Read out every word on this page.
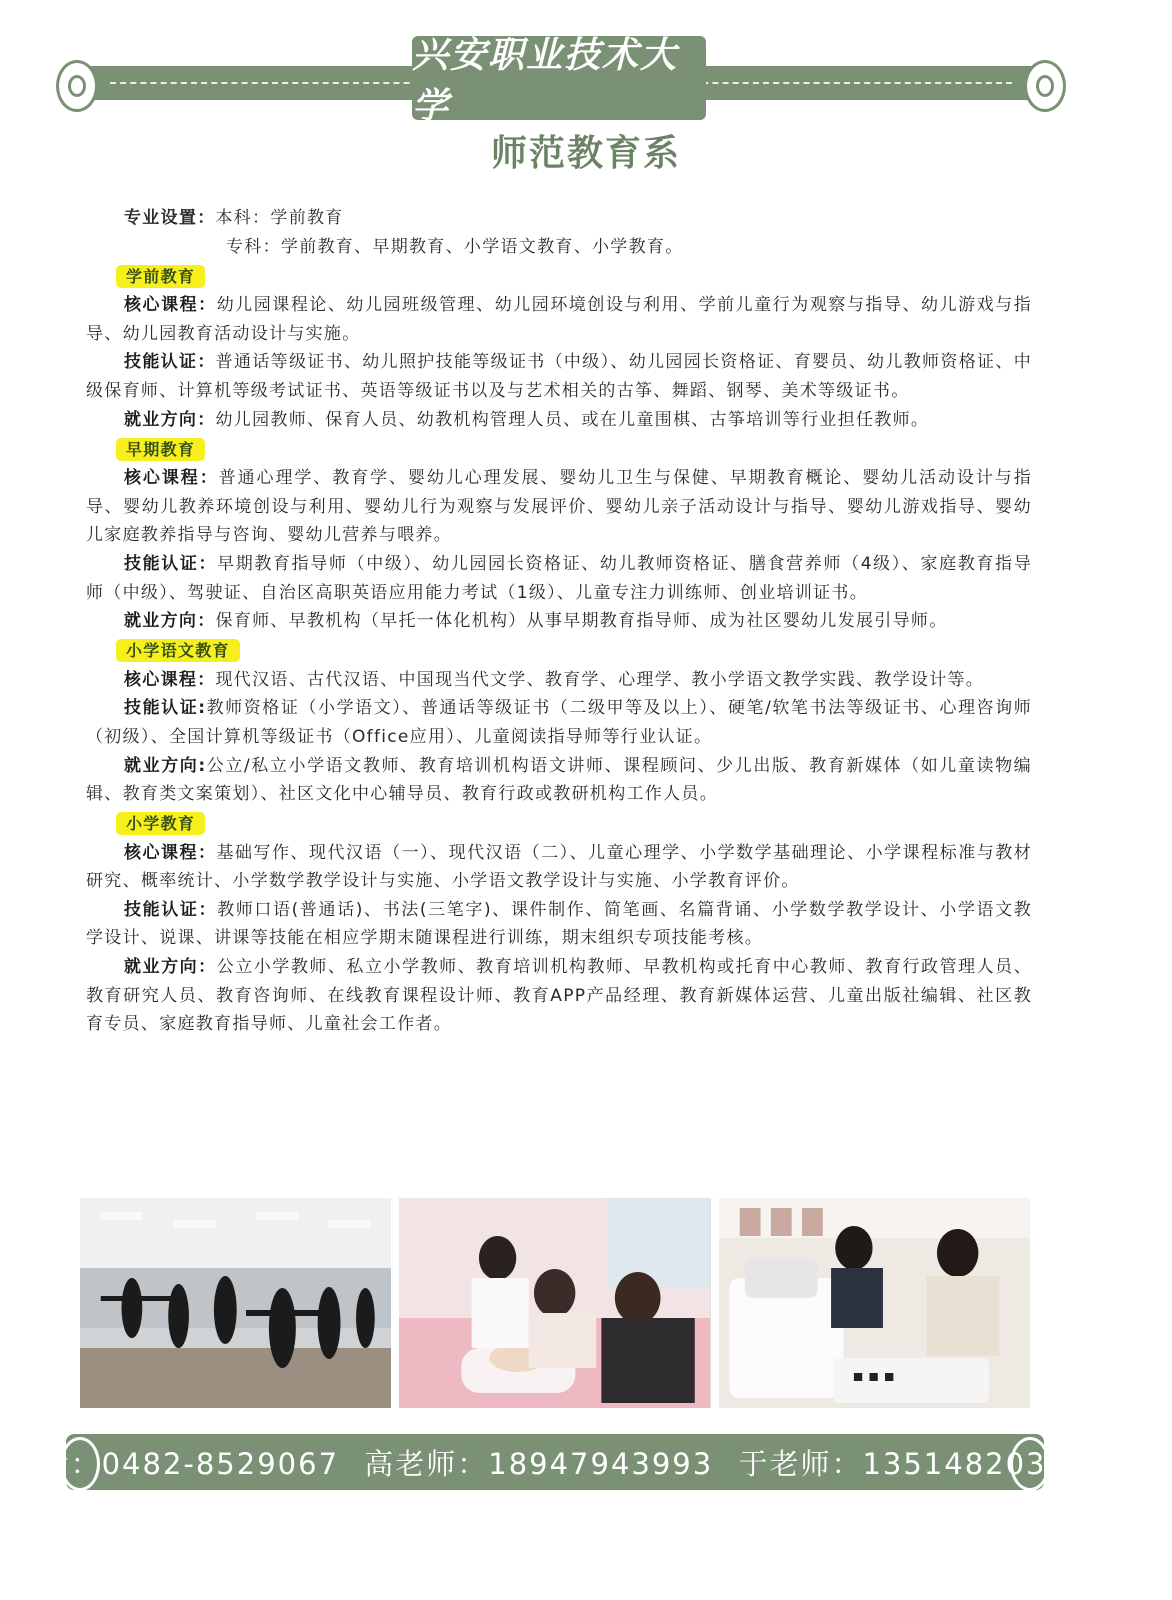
兴安职业技术大学
师范教育系

专业设置：本科：学前教育

专科：学前教育、早期教育、小学语文教育、小学教育。

学前教育

核心课程：幼儿园课程论、幼儿园班级管理、幼儿园环境创设与利用、学前儿童行为观察与指导、幼儿游戏与指导、幼儿园教育活动设计与实施。

技能认证：普通话等级证书、幼儿照护技能等级证书（中级）、幼儿园园长资格证、育婴员、幼儿教师资格证、中级保育师、计算机等级考试证书、英语等级证书以及与艺术相关的古筝、舞蹈、钢琴、美术等级证书。

就业方向：幼儿园教师、保育人员、幼教机构管理人员、或在儿童围棋、古筝培训等行业担任教师。

早期教育

核心课程：普通心理学、教育学、婴幼儿心理发展、婴幼儿卫生与保健、早期教育概论、婴幼儿活动设计与指导、婴幼儿教养环境创设与利用、婴幼儿行为观察与发展评价、婴幼儿亲子活动设计与指导、婴幼儿游戏指导、婴幼儿家庭教养指导与咨询、婴幼儿营养与喂养。

技能认证：早期教育指导师（中级）、幼儿园园长资格证、幼儿教师资格证、膳食营养师（4级）、家庭教育指导师（中级）、驾驶证、自治区高职英语应用能力考试（1级）、儿童专注力训练师、创业培训证书。

就业方向：保育师、早教机构（早托一体化机构）从事早期教育指导师、成为社区婴幼儿发展引导师。

小学语文教育

核心课程：现代汉语、古代汉语、中国现当代文学、教育学、心理学、教小学语文教学实践、教学设计等。

技能认证:教师资格证（小学语文）、普通话等级证书（二级甲等及以上）、硬笔/软笔书法等级证书、心理咨询师（初级）、全国计算机等级证书（Office应用）、儿童阅读指导师等行业认证。

就业方向:公立/私立小学语文教师、教育培训机构语文讲师、课程顾问、少儿出版、教育新媒体（如儿童读物编辑、教育类文案策划）、社区文化中心辅导员、教育行政或教研机构工作人员。

小学教育

核心课程：基础写作、现代汉语（一）、现代汉语（二）、儿童心理学、小学数学基础理论、小学课程标准与教材研究、概率统计、小学数学教学设计与实施、小学语文教学设计与实施、小学教育评价。

技能认证：教师口语(普通话)、书法(三笔字)、课件制作、简笔画、名篇背诵、小学数学教学设计、小学语文教学设计、说课、讲课等技能在相应学期末随课程进行训练，期末组织专项技能考核。

就业方向：公立小学教师、私立小学教师、教育培训机构教师、早教机构或托育中心教师、教育行政管理人员、教育研究人员、教育咨询师、在线教育课程设计师、教育APP产品经理、教育新媒体运营、儿童出版社编辑、社区教育专员、家庭教育指导师、儿童社会工作者。

电话：0482-8529067 高老师：18947943993 于老师：13514820390
